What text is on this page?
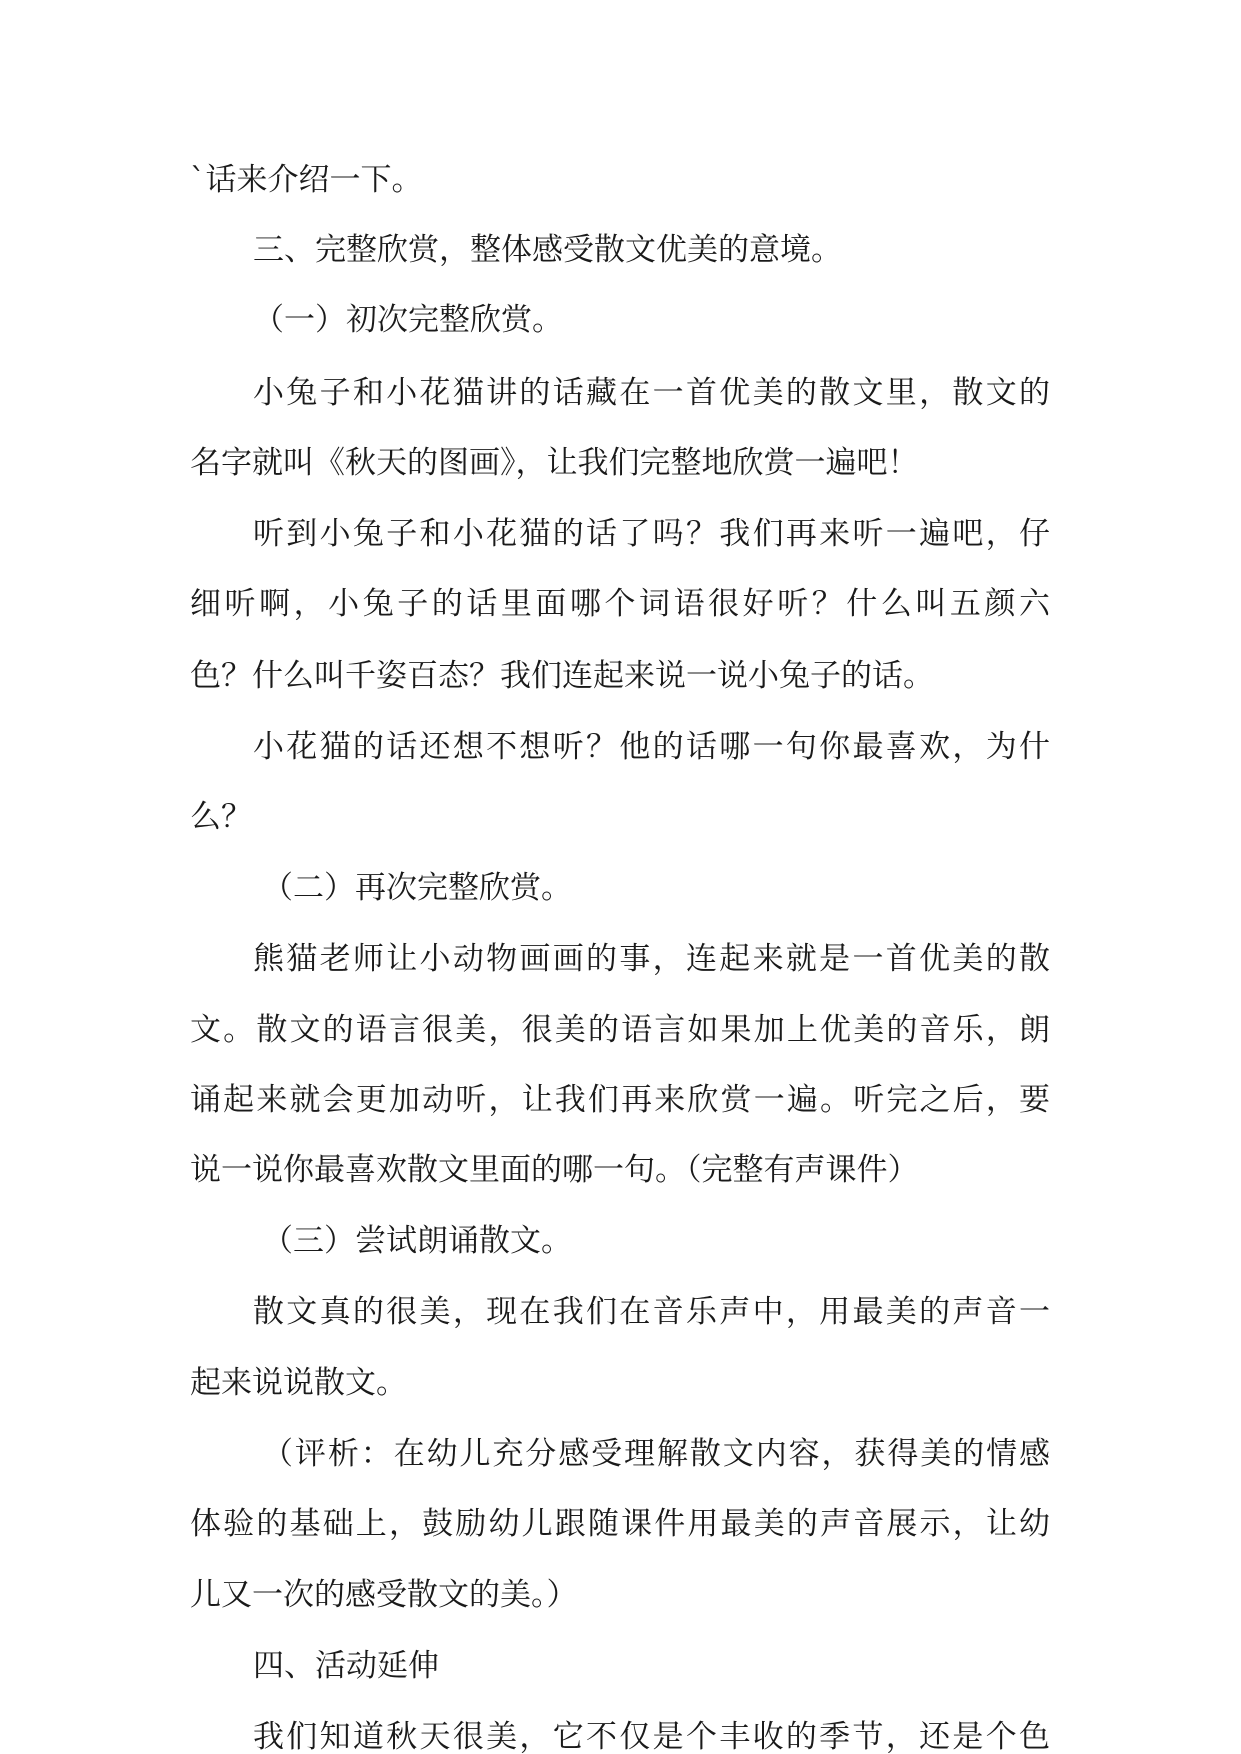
`话来介绍一下。
三、完整欣赏，整体感受散文优美的意境。
（一）初次完整欣赏。
小兔子和小花猫讲的话藏在一首优美的散文里，散文的
名字就叫《秋天的图画》，让我们完整地欣赏一遍吧！
听到小兔子和小花猫的话了吗？我们再来听一遍吧，仔
细听啊，小兔子的话里面哪个词语很好听？什么叫五颜六
色？什么叫千姿百态？我们连起来说一说小兔子的话。
小花猫的话还想不想听？他的话哪一句你最喜欢，为什
么？
（二）再次完整欣赏。
熊猫老师让小动物画画的事，连起来就是一首优美的散
文。散文的语言很美，很美的语言如果加上优美的音乐，朗
诵起来就会更加动听，让我们再来欣赏一遍。听完之后，要
说一说你最喜欢散文里面的哪一句。（完整有声课件）
（三）尝试朗诵散文。
散文真的很美，现在我们在音乐声中，用最美的声音一
起来说说散文。
（评析：在幼儿充分感受理解散文内容，获得美的情感
体验的基础上，鼓励幼儿跟随课件用最美的声音展示，让幼
儿又一次的感受散文的美。）
四、活动延伸
我们知道秋天很美，它不仅是个丰收的季节，还是个色
